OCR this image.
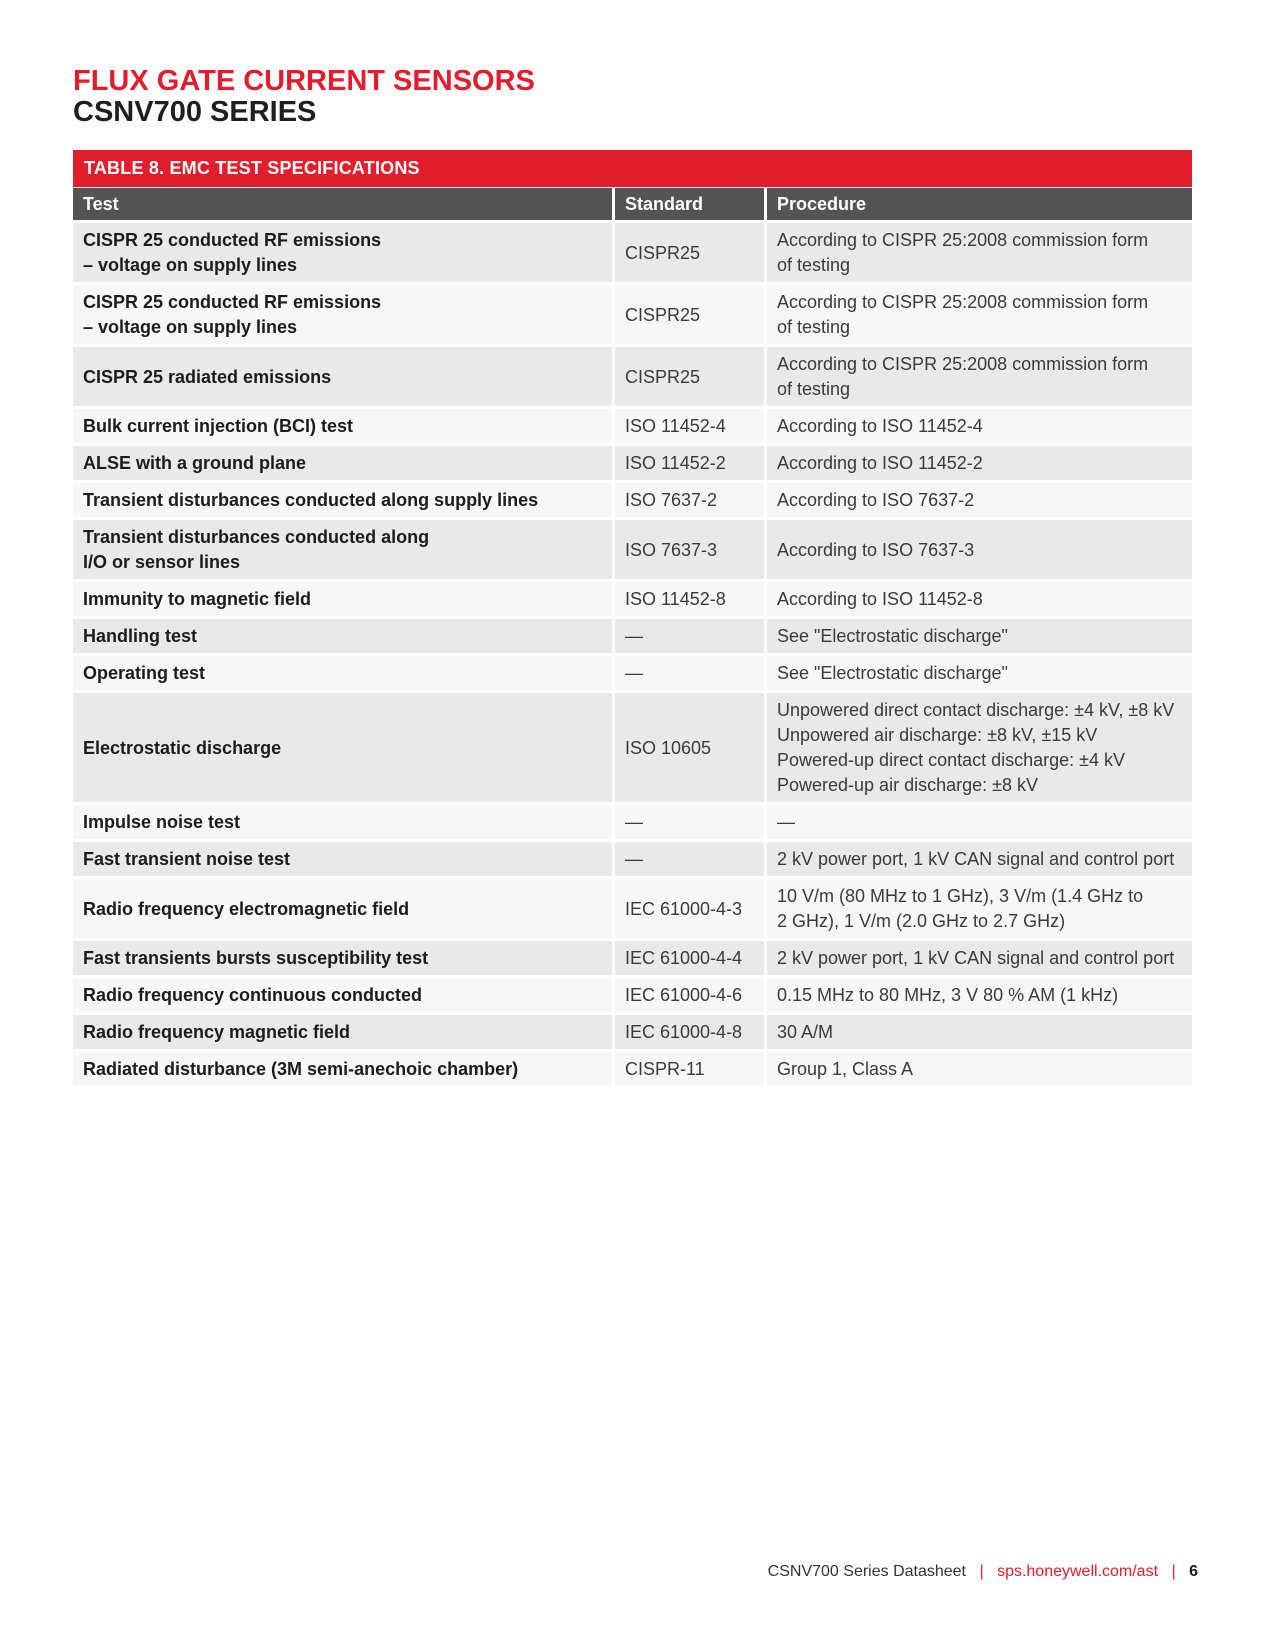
FLUX GATE CURRENT SENSORS
CSNV700 SERIES
TABLE 8. EMC TEST SPECIFICATIONS
Test	Standard	Procedure

CISPR 25 conducted RF emissions
– voltage on supply lines	CISPR25	According to CISPR 25:2008 commission form
of testing

CISPR 25 conducted RF emissions
– voltage on supply lines	CISPR25	According to CISPR 25:2008 commission form
of testing

CISPR 25 radiated emissions	CISPR25	According to CISPR 25:2008 commission form
of testing

Bulk current injection (BCI) test	ISO 11452-4	According to ISO 11452-4

ALSE with a ground plane	ISO 11452-2	According to ISO 11452-2

Transient disturbances conducted along supply lines	ISO 7637-2	According to ISO 7637-2

Transient disturbances conducted along
I/O or sensor lines	ISO 7637-3	According to ISO 7637-3

Immunity to magnetic field	ISO 11452-8	According to ISO 11452-8

Handling test	—	See "Electrostatic discharge"

Operating test	—	See "Electrostatic discharge"

Electrostatic discharge	ISO 10605	Unpowered direct contact discharge: ±4 kV, ±8 kV
Unpowered air discharge: ±8 kV, ±15 kV
Powered-up direct contact discharge: ±4 kV
Powered-up air discharge: ±8 kV

Impulse noise test	—	—

Fast transient noise test	—	2 kV power port, 1 kV CAN signal and control port

Radio frequency electromagnetic field	IEC 61000-4-3	10 V/m (80 MHz to 1 GHz), 3 V/m (1.4 GHz to
2 GHz), 1 V/m (2.0 GHz to 2.7 GHz)

Fast transients bursts susceptibility test	IEC 61000-4-4	2 kV power port, 1 kV CAN signal and control port

Radio frequency continuous conducted	IEC 61000-4-6	0.15 MHz to 80 MHz, 3 V 80 % AM (1 kHz)

Radio frequency magnetic field	IEC 61000-4-8	30 A/M

Radiated disturbance (3M semi-anechoic chamber)	CISPR-11	Group 1, Class A
CSNV700 Series Datasheet | sps.honeywell.com/ast | 6
